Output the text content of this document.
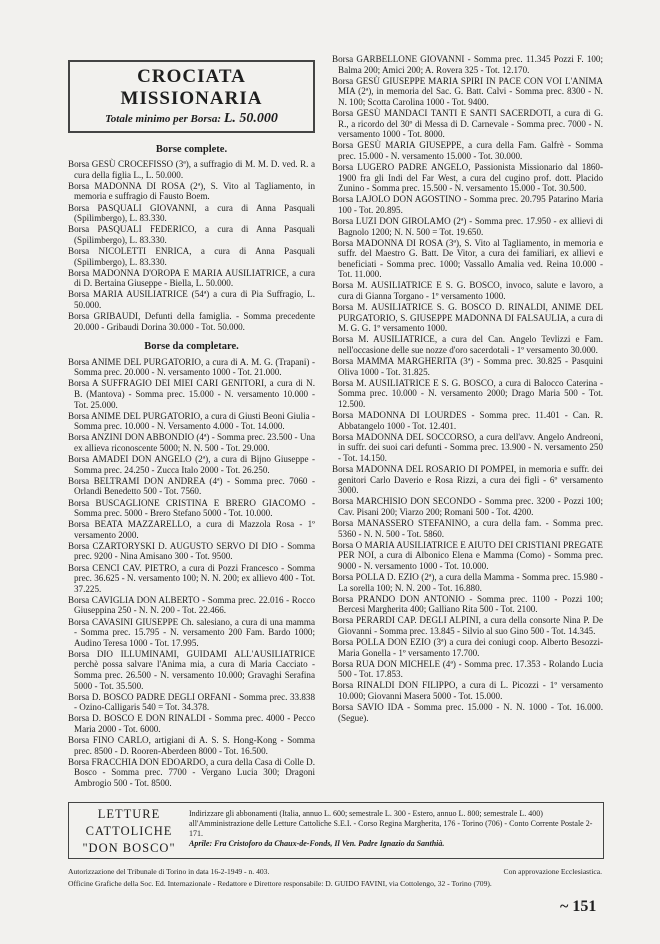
CROCIATA MISSIONARIA
Totale minimo per Borsa: L. 50.000
Borse complete.
Borsa GESÙ CROCEFISSO (3ª), a suffragio di M. M. D. ved. R. a cura della figlia L., L. 50.000.
Borsa MADONNA DI ROSA (2ª), S. Vito al Tagliamento, in memoria e suffragio di Fausto Boem.
Borsa PASQUALI GIOVANNI, a cura di Anna Pasquali (Spilimbergo), L. 83.330.
Borsa PASQUALI FEDERICO, a cura di Anna Pasquali (Spilimbergo), L. 83.330.
Borsa NICOLETTI ENRICA, a cura di Anna Pasquali (Spilimbergo), L. 83.330.
Borsa MADONNA D'OROPA E MARIA AUSILIATRICE, a cura di D. Bertaina Giuseppe - Biella, L. 50.000.
Borsa MARIA AUSILIATRICE (54ª) a cura di Pia Suffragio, L. 50.000.
Borsa GRIBAUDI, Defunti della famiglia. - Somma precedente 20.000 - Gribaudi Dorina 30.000 - Tot. 50.000.
Borse da completare.
Borsa ANIME DEL PURGATORIO, a cura di A. M. G. (Trapani) - Somma prec. 20.000 - N. versamento 1000 - Tot. 21.000.
Borsa A SUFFRAGIO DEI MIEI CARI GENITORI, a cura di N. B. (Mantova) - Somma prec. 15.000 - N. versamento 10.000 - Tot. 25.000.
Borsa ANIME DEL PURGATORIO, a cura di Giusti Beoni Giulia - Somma prec. 10.000 - N. Versamento 4.000 - Tot. 14.000.
Borsa ANZINI DON ABBONDIO (4ª) - Somma prec. 23.500 - Una ex allieva riconoscente 5000; N. N. 500 - Tot. 29.000.
Borsa AMADEI DON ANGELO (2ª), a cura di Bijno Giuseppe - Somma prec. 24.250 - Zucca Italo 2000 - Tot. 26.250.
Borsa BELTRAMI DON ANDREA (4ª) - Somma prec. 7060 - Orlandi Benedetto 500 - Tot. 7560.
Borsa BUSCAGLIONE CRISTINA E BRERO GIACOMO - Somma prec. 5000 - Brero Stefano 5000 - Tot. 10.000.
Borsa BEATA MAZZARELLO, a cura di Mazzola Rosa - 1º versamento 2000.
Borsa CZARTORYSKI D. AUGUSTO SERVO DI DIO - Somma prec. 9200 - Nina Amisano 300 - Tot. 9500.
Borsa CENCI CAV. PIETRO, a cura di Pozzi Francesco - Somma prec. 36.625 - N. versamento 100; N. N. 200; ex allievo 400 - Tot. 37.225.
Borsa CAVIGLIA DON ALBERTO - Somma prec. 22.016 - Rocco Giuseppina 250 - N. N. 200 - Tot. 22.466.
Borsa CAVASINI GIUSEPPE Ch. salesiano, a cura di una mamma - Somma prec. 15.795 - N. versamento 200 Fam. Bardo 1000; Audino Teresa 1000 - Tot. 17.995.
Borsa DIO ILLUMINAMI, GUIDAMI ALL'AUSILIATRICE perchè possa salvare l'Anima mia, a cura di Maria Cacciato - Somma prec. 26.500 - N. versamento 10.000; Gravaghi Serafina 5000 - Tot. 35.500.
Borsa D. BOSCO PADRE DEGLI ORFANI - Somma prec. 33.838 - Ozino-Calligaris 540 = Tot. 34.378.
Borsa D. BOSCO E DON RINALDI - Somma prec. 4000 - Pecco Maria 2000 - Tot. 6000.
Borsa FINO CARLO, artigiani di A. S. S. Hong-Kong - Somma prec. 8500 - D. Rooren-Aberdeen 8000 - Tot. 16.500.
Borsa FRACCHIA DON EDOARDO, a cura della Casa di Colle D. Bosco - Somma prec. 7700 - Vergano Lucia 300; Dragoni Ambrogio 500 - Tot. 8500.
Borsa GARBELLONE GIOVANNI - Somma prec. 11.345 Pozzi F. 100; Balma 200; Amici 200; A. Rovera 325 - Tot. 12.170.
Borsa GESÙ GIUSEPPE MARIA SPIRI IN PACE CON VOI L'ANIMA MIA (2ª), in memoria del Sac. G. Batt. Calvi - Somma prec. 8300 - N. N. 100; Scotta Carolina 1000 - Tot. 9400.
Borsa GESÙ MANDACI TANTI E SANTI SACERDOTI, a cura di G. R., a ricordo del 30º di Messa di D. Carnevale - Somma prec. 7000 - N. versamento 1000 - Tot. 8000.
Borsa GESÙ MARIA GIUSEPPE, a cura della Fam. Galfrè - Somma prec. 15.000 - N. versamento 15.000 - Tot. 30.000.
Borsa LUGERO PADRE ANGELO, Passionista Missionario dal 1860-1900 fra gli Indi del Far West, a cura del cugino prof. dott. Placido Zunino - Somma prec. 15.500 - N. versamento 15.000 - Tot. 30.500.
Borsa LAJOLO DON AGOSTINO - Somma prec. 20.795 Patarino Maria 100 - Tot. 20.895.
Borsa LUZI DON GIROLAMO (2ª) - Somma prec. 17.950 - ex allievi di Bagnolo 1200; N. N. 500 = Tot. 19.650.
Borsa MADONNA DI ROSA (3ª), S. Vito al Tagliamento, in memoria e suffr. del Maestro G. Batt. De Vitor, a cura dei familiari, ex allievi e beneficiati - Somma prec. 1000; Vassallo Amalia ved. Reina 10.000 - Tot. 11.000.
Borsa M. AUSILIATRICE E S. G. BOSCO, invoco, salute e lavoro, a cura di Gianna Torgano - 1º versamento 1000.
Borsa M. AUSILIATRICE S. G. BOSCO D. RINALDI, ANIME DEL PURGATORIO, S. GIUSEPPE MADONNA DI FALSAULIA, a cura di M. G. G. 1º versamento 1000.
Borsa M. AUSILIATRICE, a cura del Can. Angelo Tevlizzi e Fam. nell'occasione delle sue nozze d'oro sacerdotali - 1º versamento 30.000.
Borsa MAMMA MARGHERITA (3ª) - Somma prec. 30.825 - Pasquini Oliva 1000 - Tot. 31.825.
Borsa M. AUSILIATRICE E S. G. BOSCO, a cura di Balocco Caterina - Somma prec. 10.000 - N. versamento 2000; Drago Maria 500 - Tot. 12.500.
Borsa MADONNA DI LOURDES - Somma prec. 11.401 - Can. R. Abbatangelo 1000 - Tot. 12.401.
Borsa MADONNA DEL SOCCORSO, a cura dell'avv. Angelo Andreoni, in suffr. dei suoi cari defunti - Somma prec. 13.900 - N. versamento 250 - Tot. 14.150.
Borsa MADONNA DEL ROSARIO DI POMPEI, in memoria e suffr. dei genitori Carlo Daverio e Rosa Rizzi, a cura dei figli - 6º versamento 3000.
Borsa MARCHISIO DON SECONDO - Somma prec. 3200 - Pozzi 100; Cav. Pisani 200; Viarzo 200; Romani 500 - Tot. 4200.
Borsa MANASSERO STEFANINO, a cura della fam. - Somma prec. 5360 - N. N. 500 - Tot. 5860.
Borsa O MARIA AUSILIATRICE E AIUTO DEI CRISTIANI PREGATE PER NOI, a cura di Albonico Elena e Mamma (Como) - Somma prec. 9000 - N. versamento 1000 - Tot. 10.000.
Borsa POLLA D. EZIO (2ª), a cura della Mamma - Somma prec. 15.980 - La sorella 100; N. N. 200 - Tot. 16.880.
Borsa PRANDO DON ANTONIO - Somma prec. 1100 - Pozzi 100; Bercesi Margherita 400; Galliano Rita 500 - Tot. 2100.
Borsa PERARDI CAP. DEGLI ALPINI, a cura della consorte Nina P. De Giovanni - Somma prec. 13.845 - Silvio al suo Gino 500 - Tot. 14.345.
Borsa POLLA DON EZIO (3ª) a cura dei coniugi coop. Alberto Besozzi-Maria Gonella - 1º versamento 17.700.
Borsa RUA DON MICHELE (4ª) - Somma prec. 17.353 - Rolando Lucia 500 - Tot. 17.853.
Borsa RINALDI DON FILIPPO, a cura di L. Picozzi - 1º versamento 10.000; Giovanni Masera 5000 - Tot. 15.000.
Borsa SAVIO IDA - Somma prec. 15.000 - N. N. 1000 - Tot. 16.000. (Segue).
LETTURE
CATTOLICHE
"DON BOSCO"
Indirizzare gli abbonamenti (Italia, annuo L. 600; semestrale L. 300 - Estero, annuo L. 800; semestrale L. 400) all'Amministrazione delle Letture Cattoliche S.E.I. - Corso Regina Margherita, 176 - Torino (706) - Conto Corrente Postale 2-171.
Aprile: Fra Cristoforo da Chaux-de-Fonds, Il Ven. Padre Ignazio da Santhià.
Autorizzazione del Tribunale di Torino in data 16-2-1949 - n. 403.	Con approvazione Ecclesiastica.
Officine Grafiche della Soc. Ed. Internazionale - Redattore e Direttore responsabile: D. GUIDO FAVINI, via Cottolengo, 32 - Torino (709).
~ 151
